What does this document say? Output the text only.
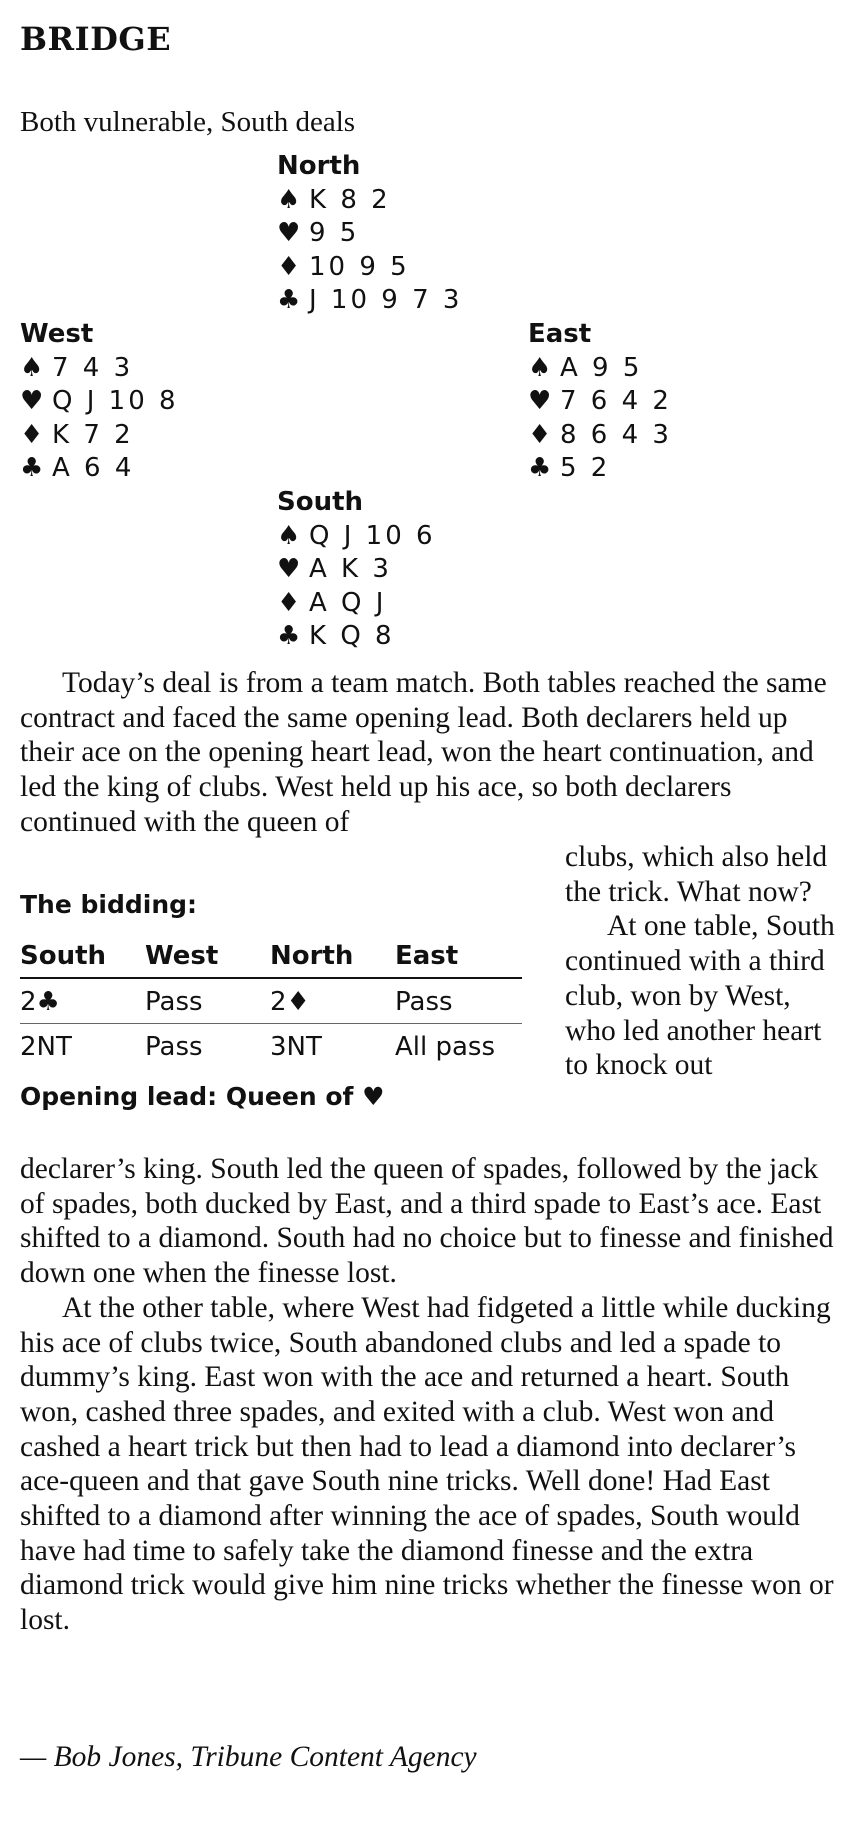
BRIDGE
Both vulnerable, South deals
North
♠ K 8 2
♥ 9 5
♦ 10 9 5
♣ J 10 9 7 3
West
♠ 7 4 3
♥ Q J 10 8
♦ K 7 2
♣ A 6 4
East
♠ A 9 5
♥ 7 6 4 2
♦ 8 6 4 3
♣ 5 2
South
♠ Q J 10 6
♥ A K 3
♦ A Q J
♣ K Q 8

Today’s deal is from a team match. Both tables reached the same contract and faced the same opening lead. Both declarers held up their ace on the opening heart lead, won the heart continuation, and led the king of clubs. West held up his ace, so both declarers continued with the queen of

clubs, which also held the trick. What now?

At one table, South continued with a third club, won by West, who led another heart to knock out

The bidding:
South	West	North	East
2♣	Pass	2♦	Pass
2NT	Pass	3NT	All pass
Opening lead: Queen of ♥

declarer’s king. South led the queen of spades, followed by the jack of spades, both ducked by East, and a third spade to East’s ace. East shifted to a diamond. South had no choice but to finesse and finished down one when the finesse lost.

At the other table, where West had fidgeted a little while ducking his ace of clubs twice, South abandoned clubs and led a spade to dummy’s king. East won with the ace and returned a heart. South won, cashed three spades, and exited with a club. West won and cashed a heart trick but then had to lead a diamond into declarer’s ace-queen and that gave South nine tricks. Well done! Had East shifted to a diamond after winning the ace of spades, South would have had time to safely take the diamond finesse and the extra diamond trick would give him nine tricks whether the finesse won or lost.

— Bob Jones, Tribune Content Agency
